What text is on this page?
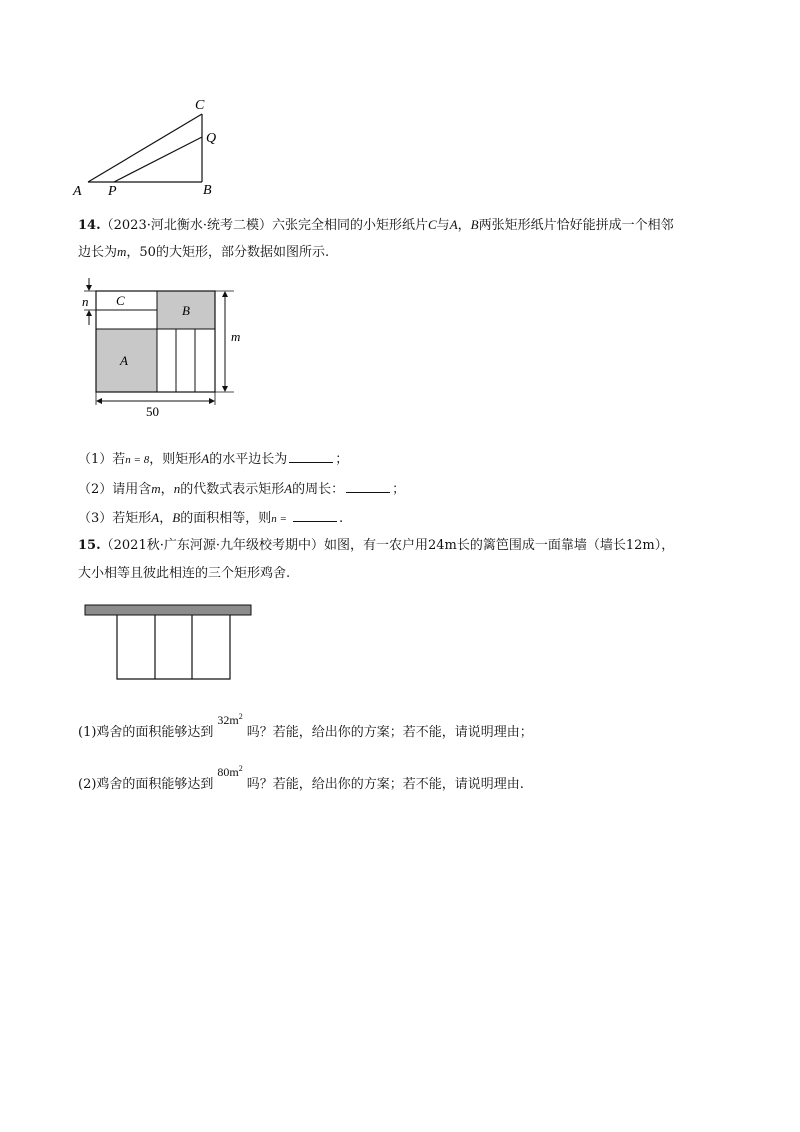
C
Q
A P	B
14.（2023·河北衡水·统考二模）六张完全相同的小矩形纸片C与A，B两张矩形纸片恰好能拼成一个相邻
边长为m，50的大矩形，部分数据如图所示.
n C
B
A
m
50
（1）若n = 8，则矩形A的水平边长为	；
（2）请用含m，n的代数式表示矩形A的周长：	；
（3）若矩形A，B的面积相等，则n =	.
15.（2021秋·广东河源·九年级校考期中）如图，有一农户用24m长的篱笆围成一面靠墙（墙长12m），
大小相等且彼此相连的三个矩形鸡舍.
(1)鸡舍的面积能够达到$32m^2$吗？若能，给出你的方案；若不能，请说明理由；
(2)鸡舍的面积能够达到$80m^2$吗？若能，给出你的方案；若不能，请说明理由.
